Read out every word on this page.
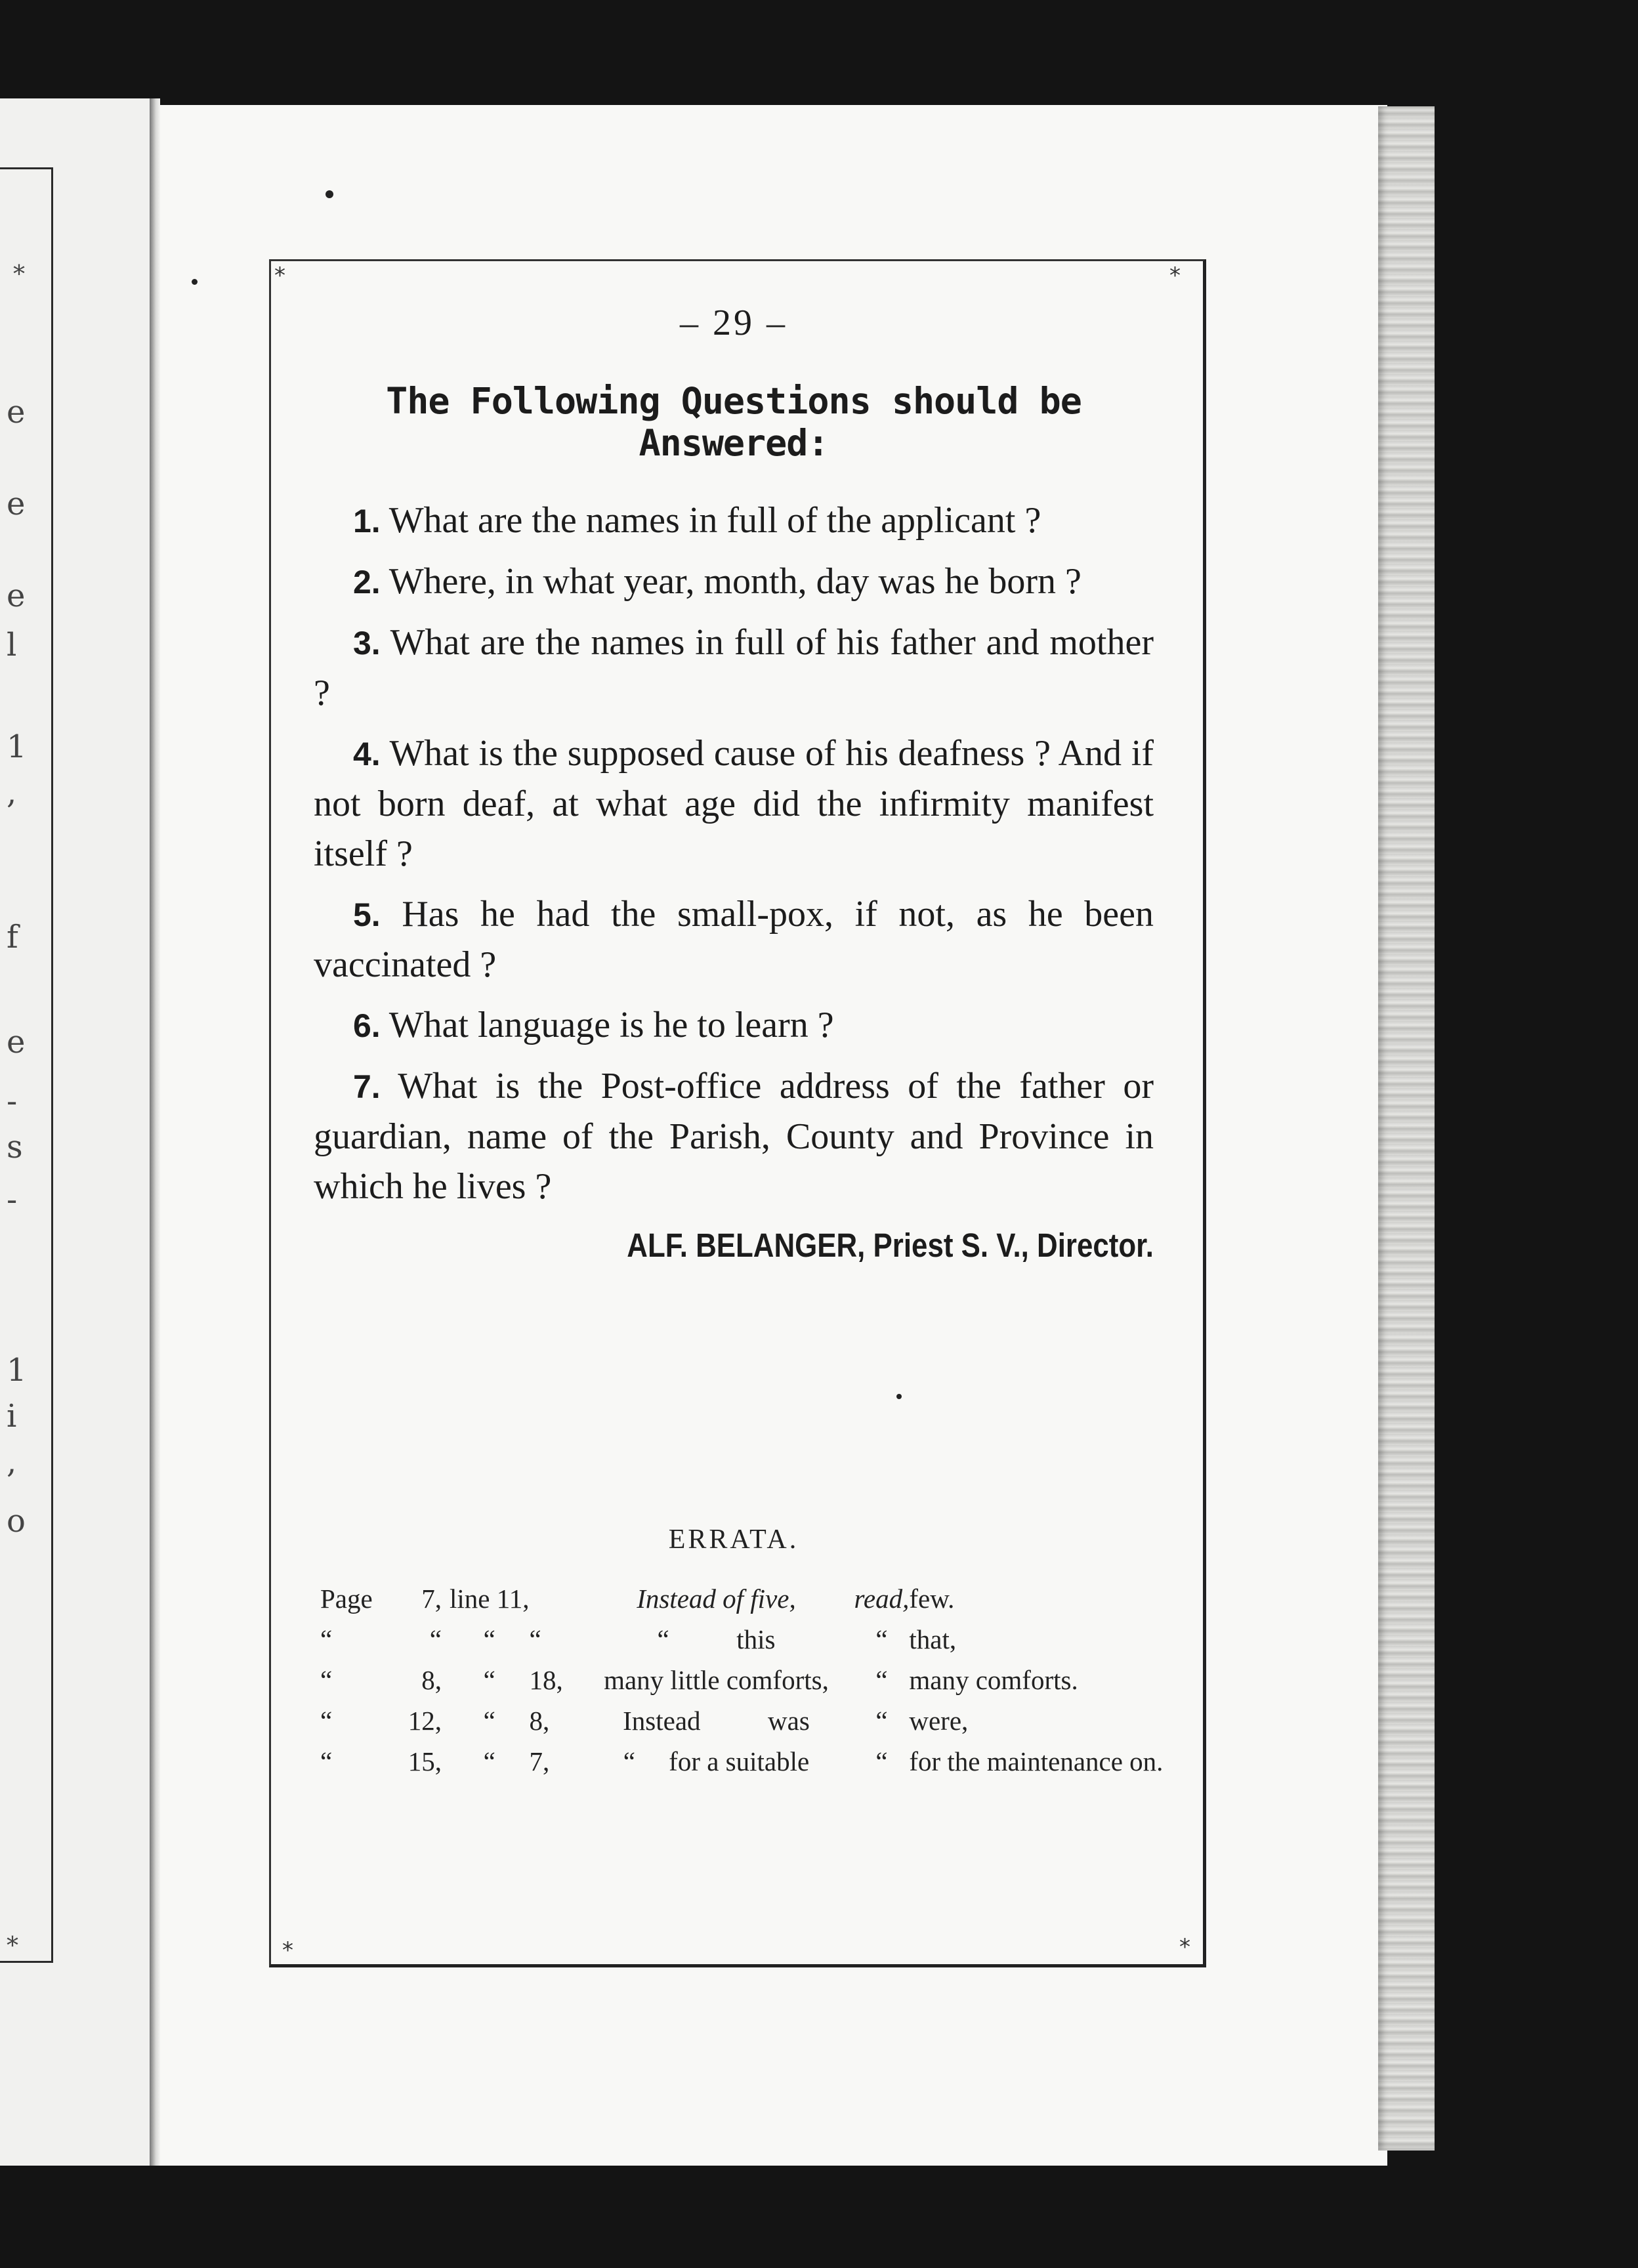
*
e
e
e
l
1
,
f
e
-
s
-
1
i
o
,
*
*	*
*	*

– 29 –

The Following Questions should be Answered:

1. What are the names in full of the applicant ?

2. Where, in what year, month, day was he born ?

3. What are the names in full of his father and mother ?

4. What is the supposed cause of his deafness ? And if not born deaf, at what age did the infirmity manifest itself ?

5. Has he had the small-pox, if not, as he been vaccinated ?

6. What language is he to learn ?

7. What is the Post-office address of the father or guardian, name of the Parish, County and Province in which he lives ?

ALF. BELANGER, Priest S. V., Director.

ERRATA.
Page	7,	line 11,		Instead of five,	read,	few.
“	“	“	“	“          this	“	that,
“	8,	“	18,	many little comforts,	“	many comforts.
“	12,	“	8,	Instead          was	“	were,
“	15,	“	7,	“     for a suitable	“	for the maintenance on.
